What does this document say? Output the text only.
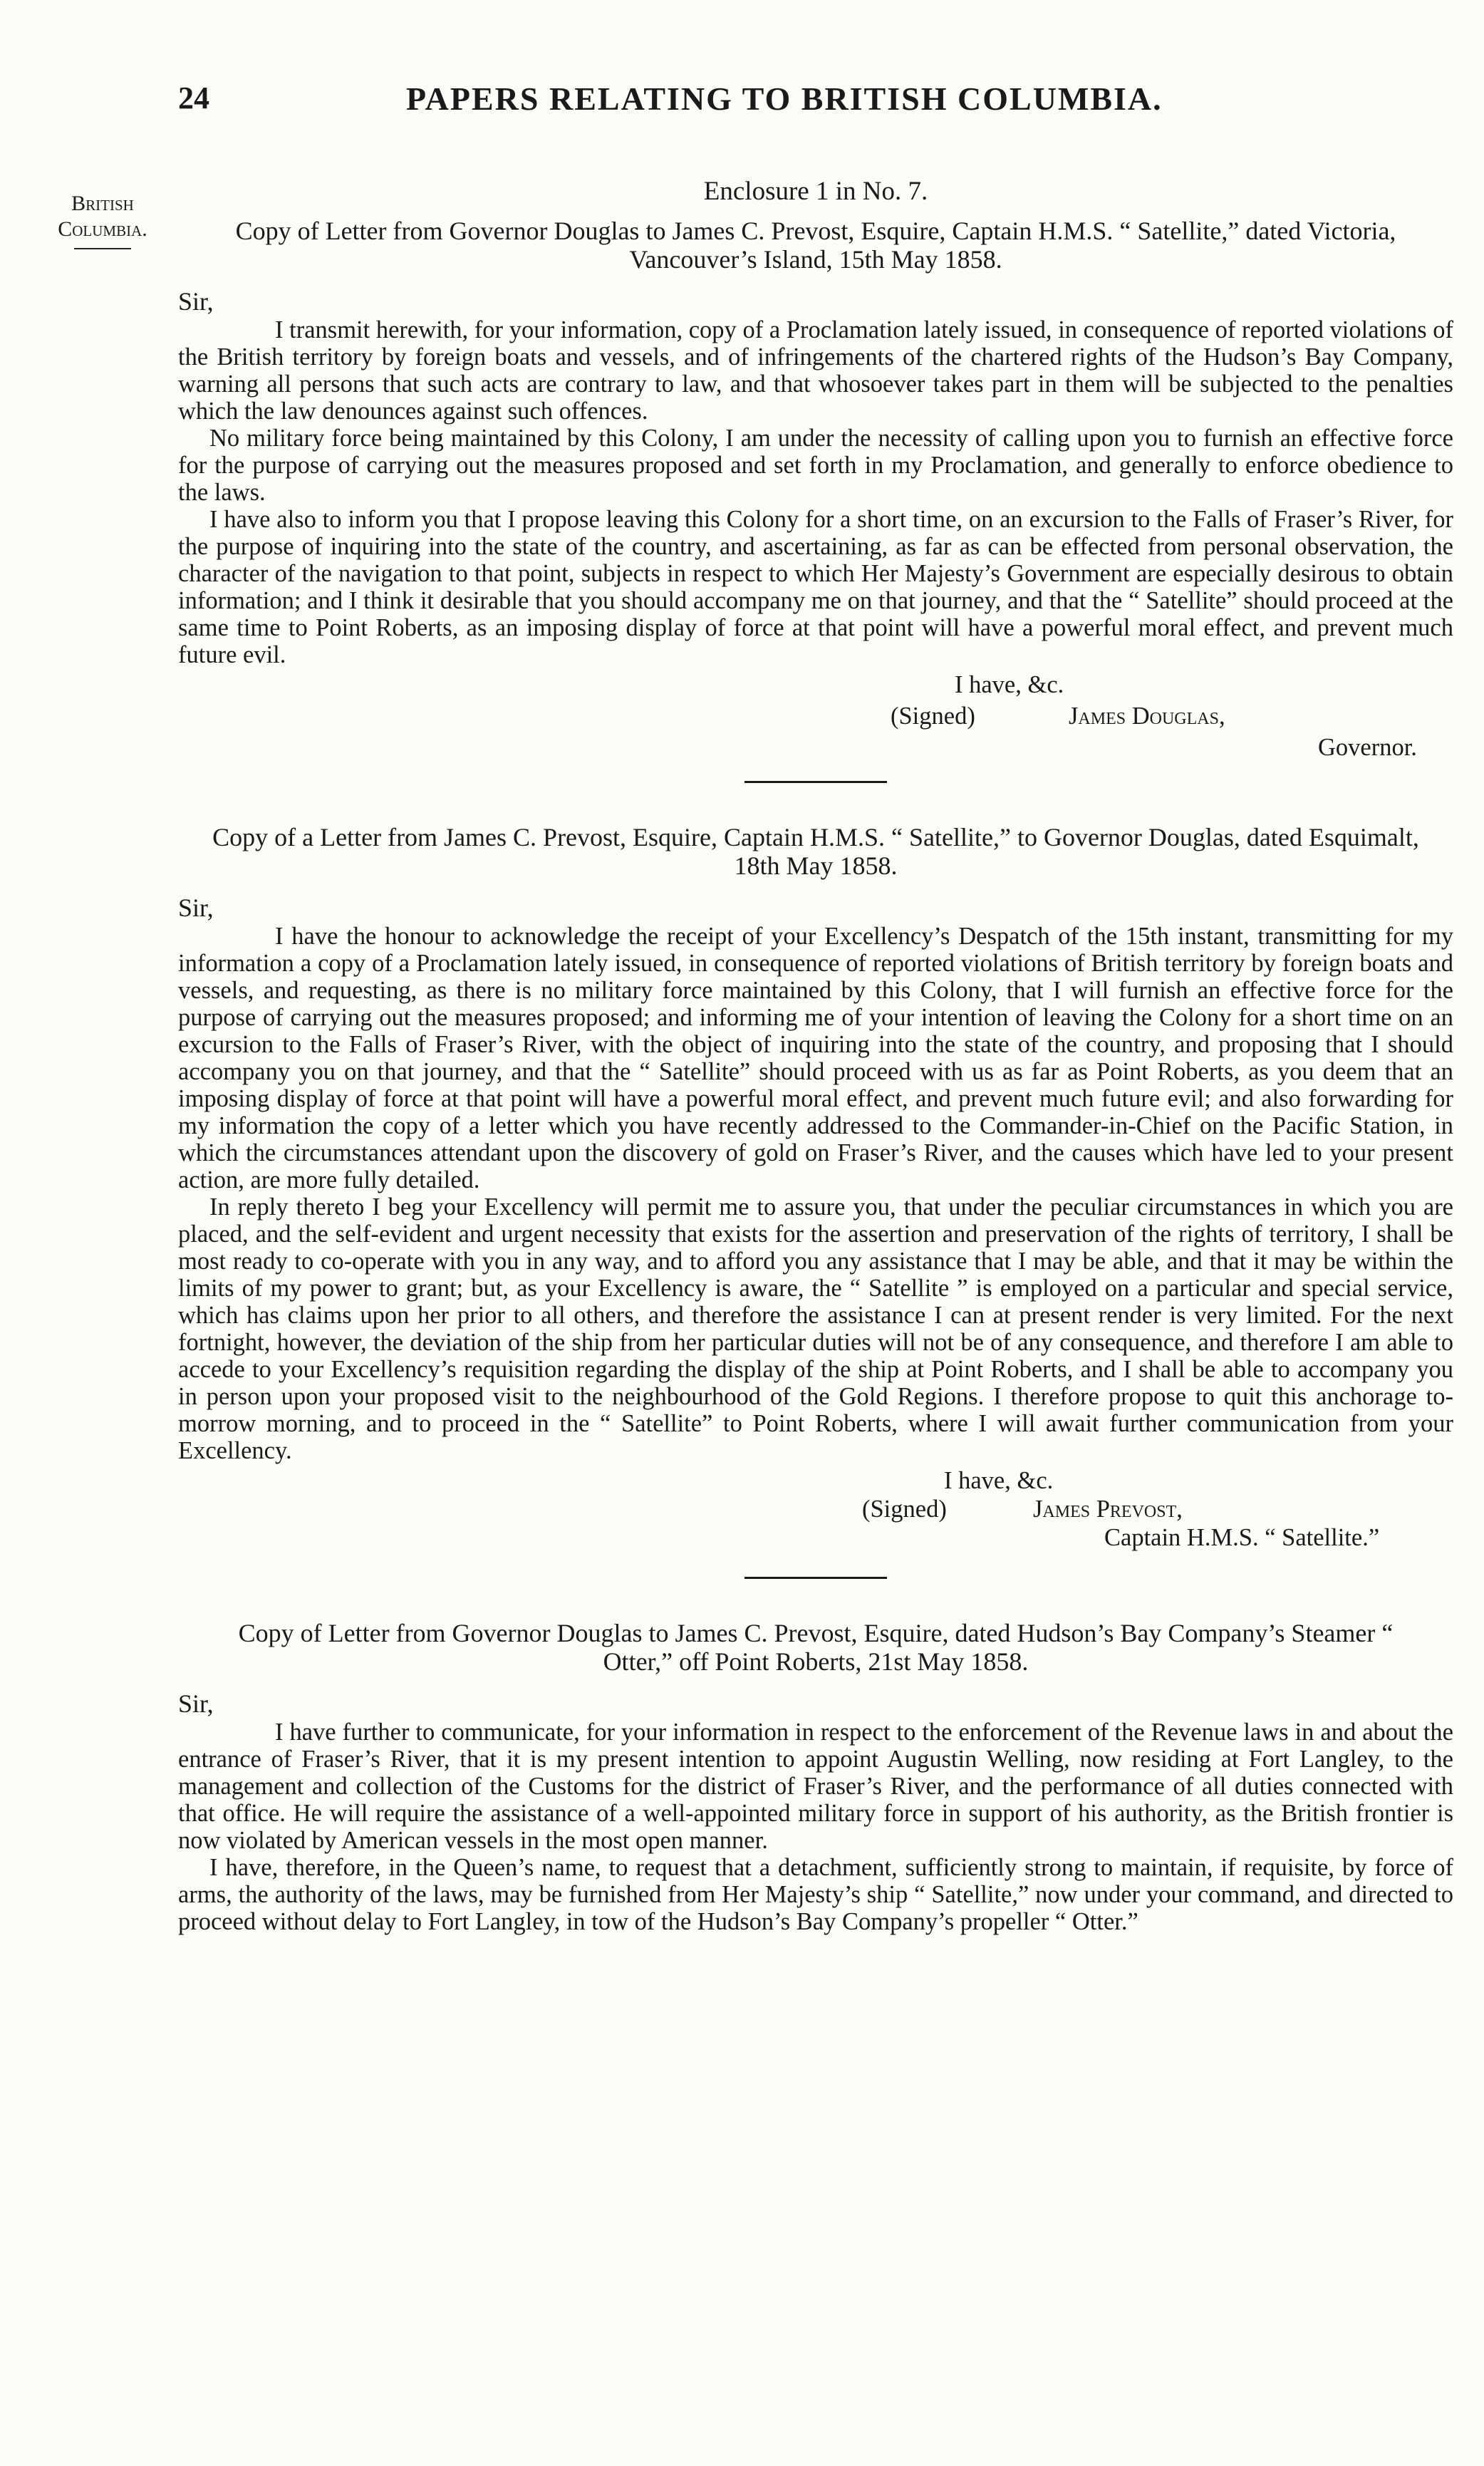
24	PAPERS RELATING TO BRITISH COLUMBIA.
British
Columbia.
Enclosure 1 in No. 7.

Copy of Letter from Governor Douglas to James C. Prevost, Esquire, Captain H.M.S. “ Satellite,” dated Victoria, Vancouver’s Island, 15th May 1858.

Sir,

I transmit herewith, for your information, copy of a Proclamation lately issued, in consequence of reported violations of the British territory by foreign boats and vessels, and of infringements of the chartered rights of the Hudson’s Bay Company, warning all persons that such acts are contrary to law, and that whosoever takes part in them will be subjected to the penalties which the law denounces against such offences.

No military force being maintained by this Colony, I am under the necessity of calling upon you to furnish an effective force for the purpose of carrying out the measures proposed and set forth in my Proclamation, and generally to enforce obedience to the laws.

I have also to inform you that I propose leaving this Colony for a short time, on an excursion to the Falls of Fraser’s River, for the purpose of inquiring into the state of the country, and ascertaining, as far as can be effected from personal observation, the character of the navigation to that point, subjects in respect to which Her Majesty’s Government are especially desirous to obtain information; and I think it desirable that you should accompany me on that journey, and that the “ Satellite” should proceed at the same time to Point Roberts, as an imposing display of force at that point will have a powerful moral effect, and prevent much future evil.

I have, &c.
(Signed)	James Douglas,
Governor.

Copy of a Letter from James C. Prevost, Esquire, Captain H.M.S. “ Satellite,” to Governor Douglas, dated Esquimalt, 18th May 1858.

Sir,

I have the honour to acknowledge the receipt of your Excellency’s Despatch of the 15th instant, transmitting for my information a copy of a Proclamation lately issued, in consequence of reported violations of British territory by foreign boats and vessels, and requesting, as there is no military force maintained by this Colony, that I will furnish an effective force for the purpose of carrying out the measures proposed; and informing me of your intention of leaving the Colony for a short time on an excursion to the Falls of Fraser’s River, with the object of inquiring into the state of the country, and proposing that I should accompany you on that journey, and that the “ Satellite” should proceed with us as far as Point Roberts, as you deem that an imposing display of force at that point will have a powerful moral effect, and prevent much future evil; and also forwarding for my information the copy of a letter which you have recently addressed to the Commander-in-Chief on the Pacific Station, in which the circumstances attendant upon the discovery of gold on Fraser’s River, and the causes which have led to your present action, are more fully detailed.

In reply thereto I beg your Excellency will permit me to assure you, that under the peculiar circumstances in which you are placed, and the self-evident and urgent necessity that exists for the assertion and preservation of the rights of territory, I shall be most ready to co-operate with you in any way, and to afford you any assistance that I may be able, and that it may be within the limits of my power to grant; but, as your Excellency is aware, the “ Satellite ” is employed on a particular and special service, which has claims upon her prior to all others, and therefore the assistance I can at present render is very limited. For the next fortnight, however, the deviation of the ship from her particular duties will not be of any consequence, and therefore I am able to accede to your Excellency’s requisition regarding the display of the ship at Point Roberts, and I shall be able to accompany you in person upon your proposed visit to the neighbourhood of the Gold Regions. I therefore propose to quit this anchorage to-morrow morning, and to proceed in the “ Satellite” to Point Roberts, where I will await further communication from your Excellency.

I have, &c.
(Signed)	James Prevost,
Captain H.M.S. “ Satellite.”

Copy of Letter from Governor Douglas to James C. Prevost, Esquire, dated Hudson’s Bay Company’s Steamer “ Otter,” off Point Roberts, 21st May 1858.

Sir,

I have further to communicate, for your information in respect to the enforcement of the Revenue laws in and about the entrance of Fraser’s River, that it is my present intention to appoint Augustin Welling, now residing at Fort Langley, to the management and collection of the Customs for the district of Fraser’s River, and the performance of all duties connected with that office. He will require the assistance of a well-appointed military force in support of his authority, as the British frontier is now violated by American vessels in the most open manner.

I have, therefore, in the Queen’s name, to request that a detachment, sufficiently strong to maintain, if requisite, by force of arms, the authority of the laws, may be furnished from Her Majesty’s ship “ Satellite,” now under your command, and directed to proceed without delay to Fort Langley, in tow of the Hudson’s Bay Company’s propeller “ Otter.”
